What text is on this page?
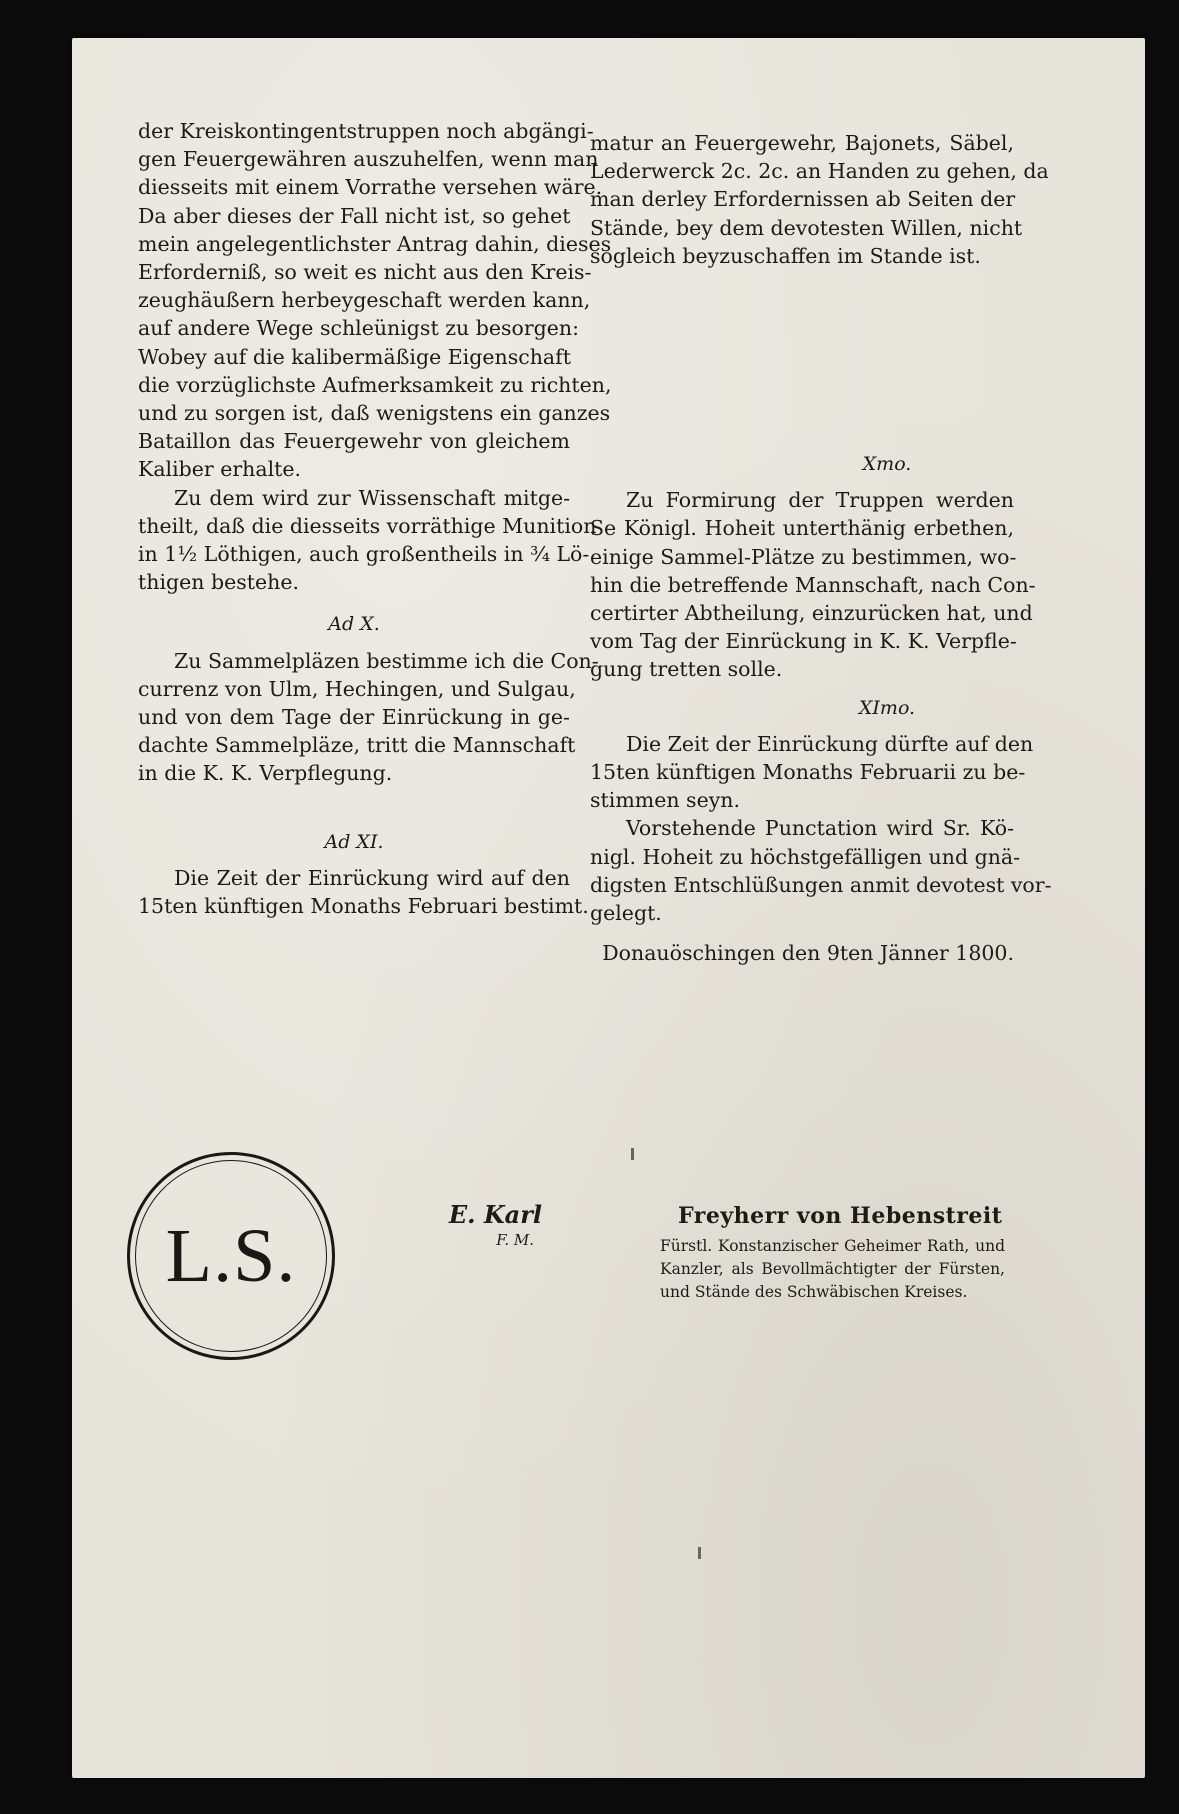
der Kreiskontingentstruppen noch abgängi-

gen Feuergewähren auszuhelfen, wenn man

diesseits mit einem Vorrathe versehen wäre.

Da aber dieses der Fall nicht ist, so gehet

mein angelegentlichster Antrag dahin, dieses

Erforderniß, so weit es nicht aus den Kreis-

zeughäußern herbeygeschaft werden kann,

auf andere Wege schleünigst zu besorgen:

Wobey auf die kalibermäßige Eigenschaft

die vorzüglichste Aufmerksamkeit zu richten,

und zu sorgen ist, daß wenigstens ein ganzes

Bataillon das Feuergewehr von gleichem

Kaliber erhalte.

Zu dem wird zur Wissenschaft mitge-

theilt, daß die diesseits vorräthige Munition

in 1½ Löthigen, auch großentheils in ¾ Lö-

thigen bestehe.

Ad X.

Zu Sammelpläzen bestimme ich die Con-

currenz von Ulm, Hechingen, und Sulgau,

und von dem Tage der Einrückung in ge-

dachte Sammelpläze, tritt die Mannschaft

in die K. K. Verpflegung.

Ad XI.

Die Zeit der Einrückung wird auf den

15ten künftigen Monaths Februari bestimt.

matur an Feuergewehr, Bajonets, Säbel,

Lederwerck 2c. 2c. an Handen zu gehen, da

man derley Erfordernissen ab Seiten der

Stände, bey dem devotesten Willen, nicht

sogleich beyzuschaffen im Stande ist.

Xmo.

Zu Formirung der Truppen werden

Se Königl. Hoheit unterthänig erbethen,

einige Sammel-Plätze zu bestimmen, wo-

hin die betreffende Mannschaft, nach Con-

certirter Abtheilung, einzurücken hat, und

vom Tag der Einrückung in K. K. Verpfle-

gung tretten solle.

XImo.

Die Zeit der Einrückung dürfte auf den

15ten künftigen Monaths Februarii zu be-

stimmen seyn.

Vorstehende Punctation wird Sr. Kö-

nigl. Hoheit zu höchstgefälligen und gnä-

digsten Entschlüßungen anmit devotest vor-

gelegt.

Donauöschingen den 9ten Jänner 1800.

L.S.	E. Karl
F. M.
Freyherr von Hebenstreit
Fürstl. Konstanzischer Geheimer Rath, und
Kanzler, als Bevollmächtigter der Fürsten,
und Stände des Schwäbischen Kreises.
